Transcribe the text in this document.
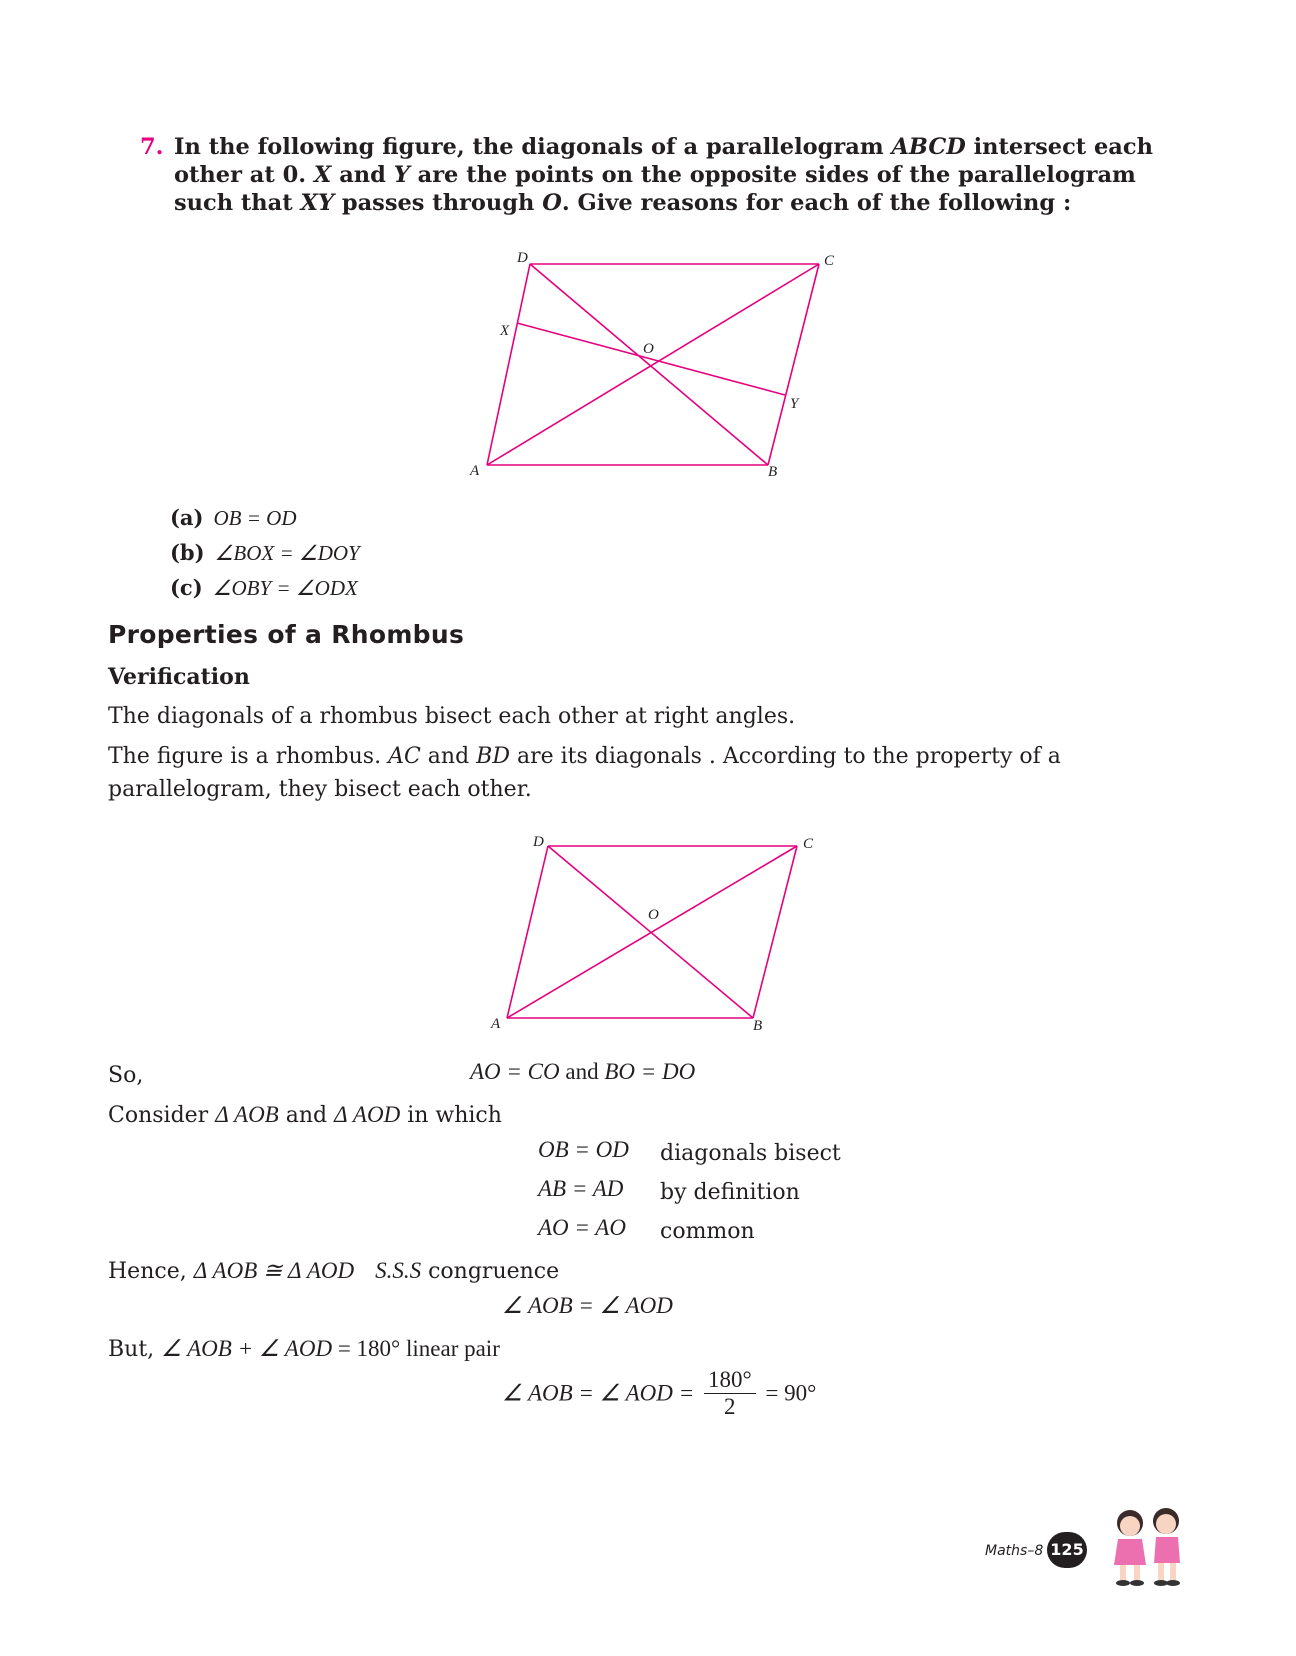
7. In the following figure, the diagonals of a parallelogram ABCD intersect each other at 0. X and Y are the points on the opposite sides of the parallelogram such that XY passes through O. Give reasons for each of the following :
D	C
X
O
Y
A	B
(a) OB = OD
(b) ∠BOX = ∠DOY
(c) ∠OBY = ∠ODX
Properties of a Rhombus
Verification
The diagonals of a rhombus bisect each other at right angles.
The figure is a rhombus. AC and BD are its diagonals . According to the property of a parallelogram, they bisect each other.
D	C
O
A	B
So,	AO = CO and BO = DO
Consider Δ AOB and Δ AOD in which
OB = OD diagonals bisect
AB = AD by definition
AO = AO common
Hence, Δ AOB ≅ Δ AOD S.S.S congruence
∠ AOB = ∠ AOD
But, ∠ AOB + ∠ AOD = 180° linear pair
∠ AOB = ∠ AOD = $\frac{180^\circ}{2} = 90^\circ$
Maths–8 125
